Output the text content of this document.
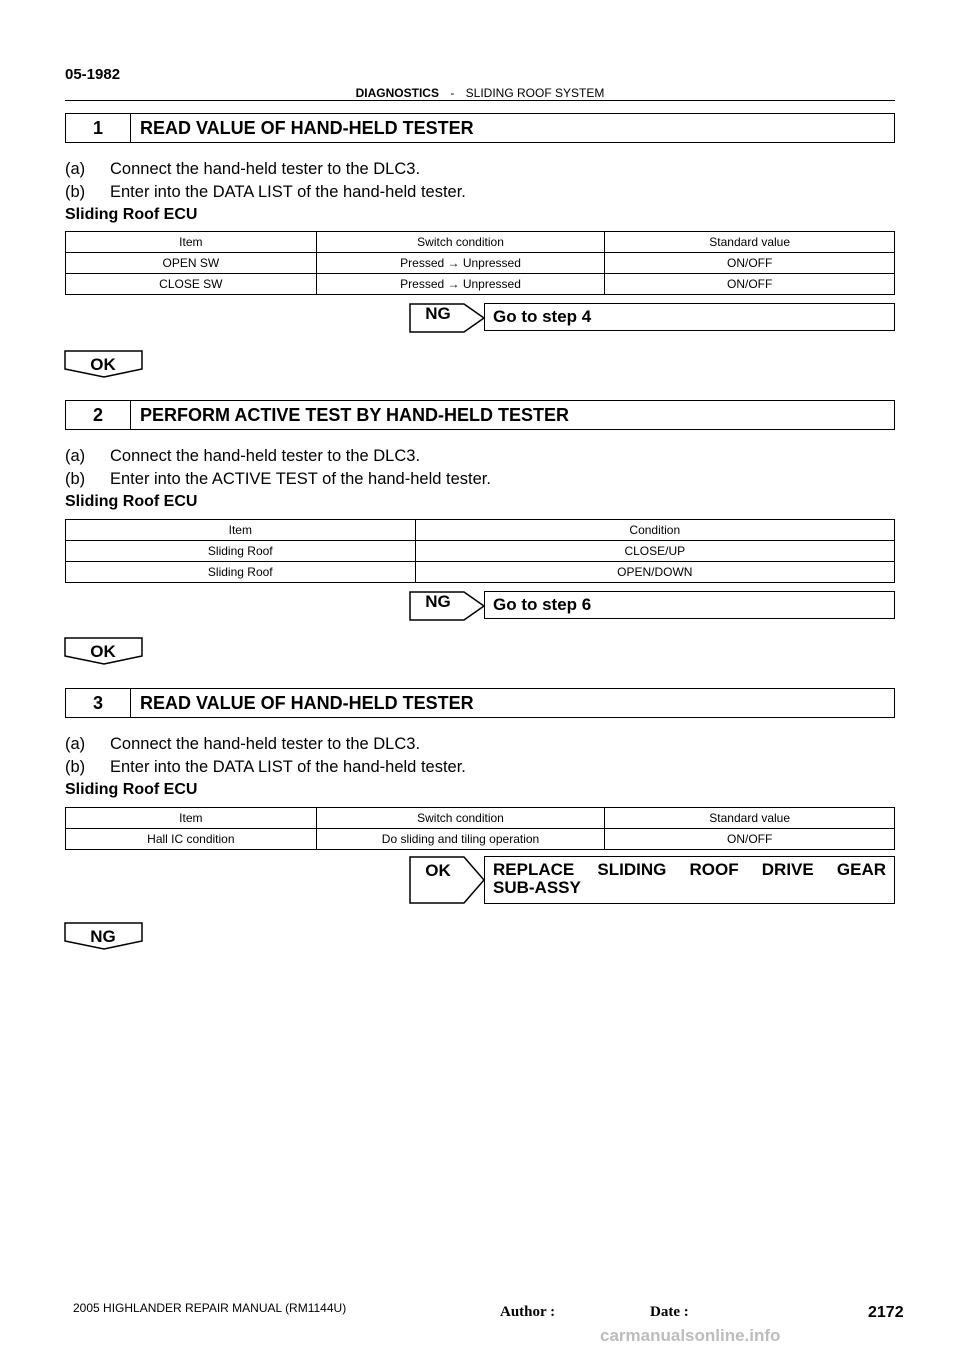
05-1982
DIAGNOSTICS - SLIDING ROOF SYSTEM
1	READ VALUE OF HAND-HELD TESTER
(a) Connect the hand-held tester to the DLC3.
(b) Enter into the DATA LIST of the hand-held tester.
Sliding Roof ECU
Item	Switch condition	Standard value
OPEN SW	Pressed → Unpressed	ON/OFF
CLOSE SW	Pressed → Unpressed	ON/OFF
NG	Go to step 4
OK
2	PERFORM ACTIVE TEST BY HAND-HELD TESTER
(a) Connect the hand-held tester to the DLC3.
(b) Enter into the ACTIVE TEST of the hand-held tester.
Sliding Roof ECU
Item	Condition
Sliding Roof	CLOSE/UP
Sliding Roof	OPEN/DOWN
NG	Go to step 6
OK
3	READ VALUE OF HAND-HELD TESTER
(a) Connect the hand-held tester to the DLC3.
(b) Enter into the DATA LIST of the hand-held tester.
Sliding Roof ECU
Item	Switch condition	Standard value
Hall IC condition	Do sliding and tiling operation	ON/OFF
OK	REPLACE SLIDING ROOF DRIVE GEAR
SUB-ASSY
NG
2005 HIGHLANDER REPAIR MANUAL (RM1144U)	Author :	Date :	2172
carmanualsonline.info
